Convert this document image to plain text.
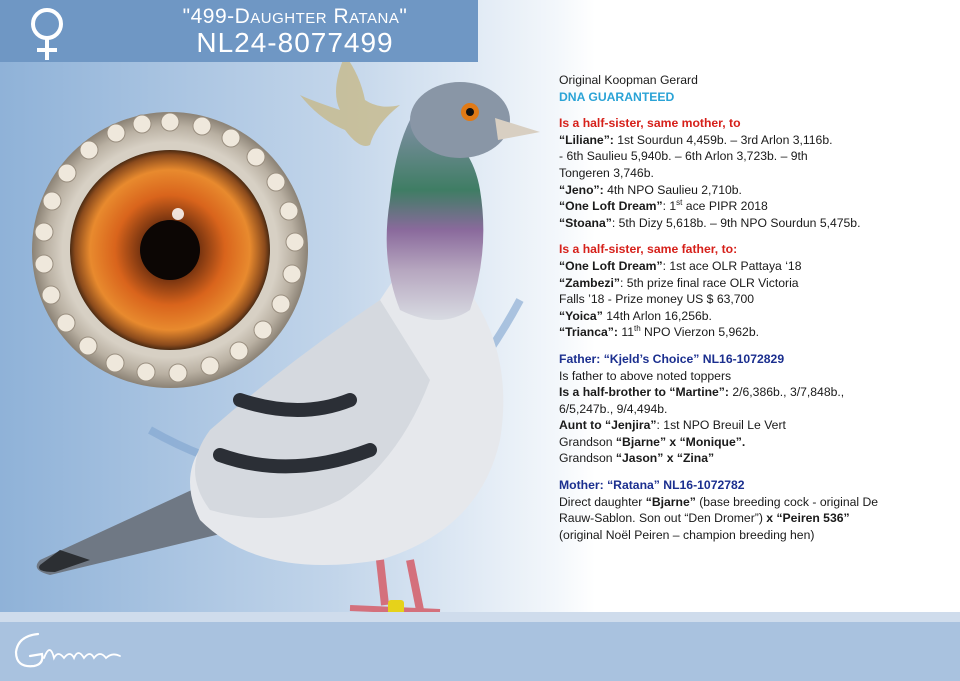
"499-Daughter Ratana"
NL24-8077499

Original Koopman Gerard

DNA GUARANTEED

Is a half-sister, same mother, to

“Liliane”: 1st Sourdun 4,459b. – 3rd Arlon 3,116b.

- 6th Saulieu 5,940b. – 6th Arlon 3,723b. – 9th

Tongeren 3,746b.

“Jeno”: 4th NPO Saulieu 2,710b.

“One Loft Dream”: 1st ace PIPR 2018

“Stoana”: 5th Dizy 5,618b. – 9th NPO Sourdun 5,475b.

Is a half-sister, same father, to:

“One Loft Dream”: 1st ace OLR Pattaya ‘18

“Zambezi”: 5th prize final race OLR Victoria

Falls ’18 - Prize money US $ 63,700

“Yoica” 14th Arlon 16,256b.

“Trianca”: 11th NPO Vierzon 5,962b.

Father: “Kjeld’s Choice” NL16-1072829

Is father to above noted toppers

Is a half-brother to “Martine”: 2/6,386b., 3/7,848b.,

6/5,247b., 9/4,494b.

Aunt to “Jenjira”: 1st NPO Breuil Le Vert

Grandson “Bjarne” x “Monique”.

Grandson “Jason” x “Zina”

Mother: “Ratana” NL16-1072782

Direct daughter “Bjarne” (base breeding cock - original De

Rauw-Sablon. Son out “Den Dromer”) x “Peiren 536”

(original Noël Peiren – champion breeding hen)
